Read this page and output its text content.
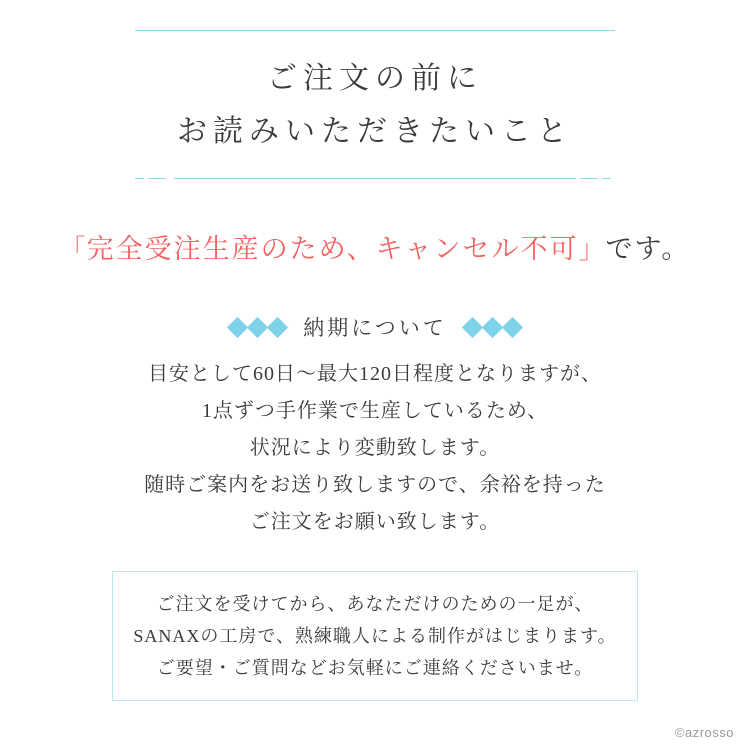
ご注文の前に
お読みいただきたいこと
「完全受注生産のため、キャンセル不可」です。
納期について
目安として60日〜最大120日程度となりますが、
1点ずつ手作業で生産しているため、
状況により変動致します。
随時ご案内をお送り致しますので、余裕を持った
ご注文をお願い致します。
ご注文を受けてから、あなただけのための一足が、
SANAXの工房で、熟練職人による制作がはじまります。
ご要望・ご質問などお気軽にご連絡くださいませ。
©azrosso
